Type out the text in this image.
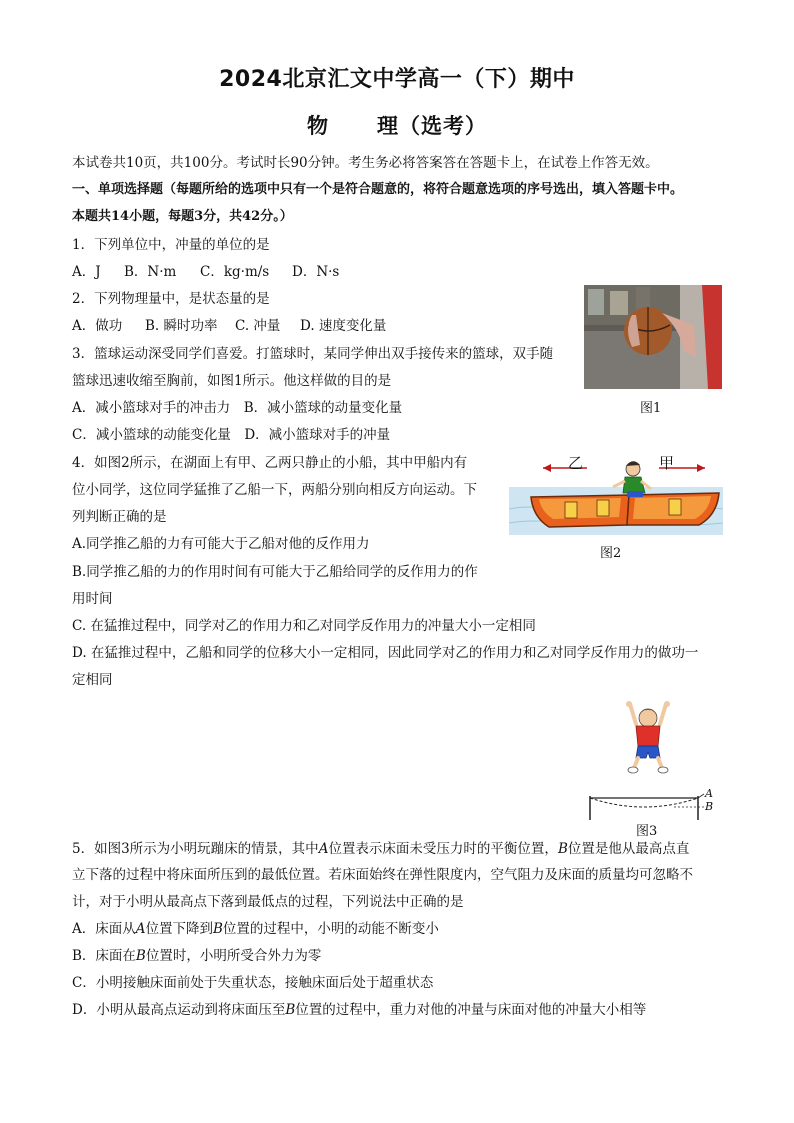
2024北京汇文中学高一（下）期中
物 理（选考）
本试卷共10页，共100分。考试时长90分钟。考生务必将答案答在答题卡上，在试卷上作答无效。
一、单项选择题（每题所给的选项中只有一个是符合题意的，将符合题意选项的序号选出，填入答题卡中。
本题共14小题，每题3分，共42分。）
1．下列单位中，冲量的单位的是
A．J B．N·m C．kg·m/s D．N·s
2．下列物理量中，是状态量的是
A．做功 B. 瞬时功率 C. 冲量 D. 速度变化量
图1
3．篮球运动深受同学们喜爱。打篮球时，某同学伸出双手接传来的篮球，双手随
篮球迅速收缩至胸前，如图1所示。他这样做的目的是
A．减小篮球对手的冲击力　B．减小篮球的动量变化量
C．减小篮球的动能变化量　D．减小篮球对手的冲量
4．如图2所示，在湖面上有甲、乙两只静止的小船，其中甲船内有
位小同学，这位同学猛推了乙船一下，两船分别向相反方向运动。下
列判断正确的是
A.同学推乙船的力有可能大于乙船对他的反作用力
B.同学推乙船的力的作用时间有可能大于乙船给同学的反作用力的作
用时间
C. 在猛推过程中，同学对乙的作用力和乙对同学反作用力的冲量大小一定相同
D. 在猛推过程中，乙船和同学的位移大小一定相同，因此同学对乙的作用力和乙对同学反作用力的做功一
定相同
乙	甲
图2
A
B
图3
5．如图3所示为小明玩蹦床的情景，其中A位置表示床面未受压力时的平衡位置，B位置是他从最高点直
立下落的过程中将床面所压到的最低位置。若床面始终在弹性限度内，空气阻力及床面的质量均可忽略不
计，对于小明从最高点下落到最低点的过程，下列说法中正确的是
A．床面从A位置下降到B位置的过程中，小明的动能不断变小
B．床面在B位置时，小明所受合外力为零
C．小明接触床面前处于失重状态，接触床面后处于超重状态
D．小明从最高点运动到将床面压至B位置的过程中，重力对他的冲量与床面对他的冲量大小相等
